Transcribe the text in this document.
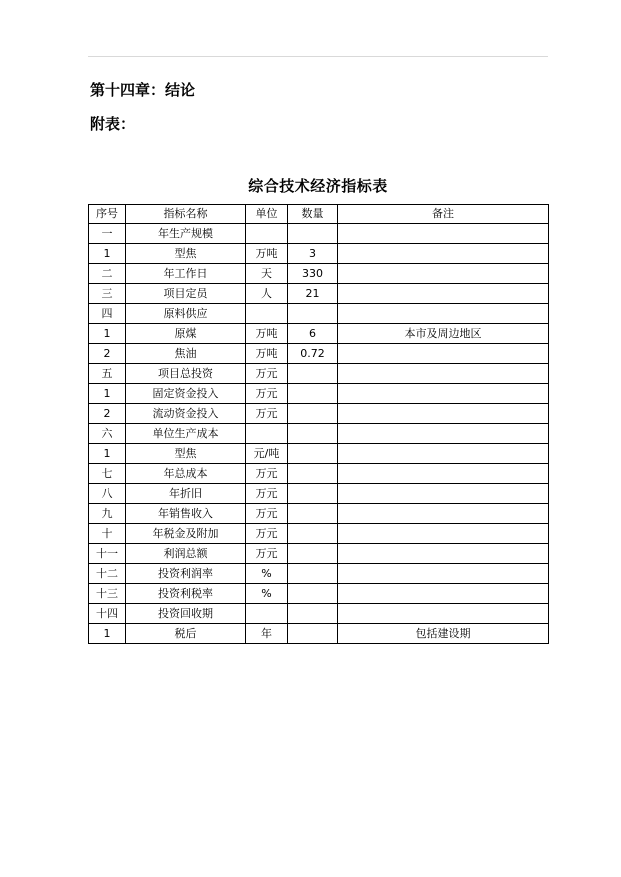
第十四章：结论
附表：
综合技术经济指标表
序号	指标名称	单位	数量	备注
一	年生产规模			
1	型焦	万吨	3	
二	年工作日	天	330	
三	项目定员	人	21	
四	原料供应			
1	原煤	万吨	6	本市及周边地区
2	焦油	万吨	0.72	
五	项目总投资	万元		
1	固定资金投入	万元		
2	流动资金投入	万元		
六	单位生产成本			
1	型焦	元/吨		
七	年总成本	万元		
八	年折旧	万元		
九	年销售收入	万元		
十	年税金及附加	万元		
十一	利润总额	万元		
十二	投资利润率	%		
十三	投资利税率	%		
十四	投资回收期			
1	税后	年		包括建设期
